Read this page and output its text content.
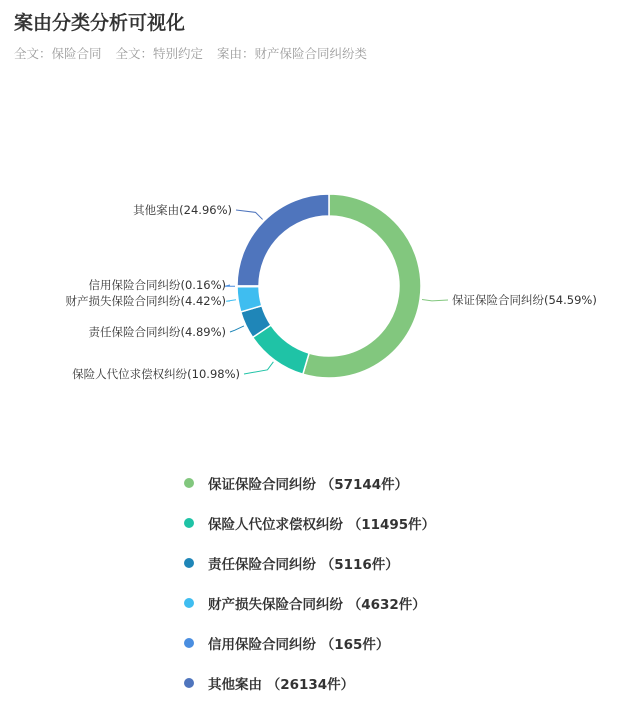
案由分类分析可视化
全文：保险合同 全文：特别约定 案由：财产保险合同纠纷类
保证保险合同纠纷(54.59%)
保险人代位求偿权纠纷(10.98%)
责任保险合同纠纷(4.89%)
财产损失保险合同纠纷(4.42%)
信用保险合同纠纷(0.16%)
其他案由(24.96%)
保证保险合同纠纷 （57144件）
保险人代位求偿权纠纷 （11495件）
责任保险合同纠纷 （5116件）
财产损失保险合同纠纷 （4632件）
信用保险合同纠纷 （165件）
其他案由 （26134件）
